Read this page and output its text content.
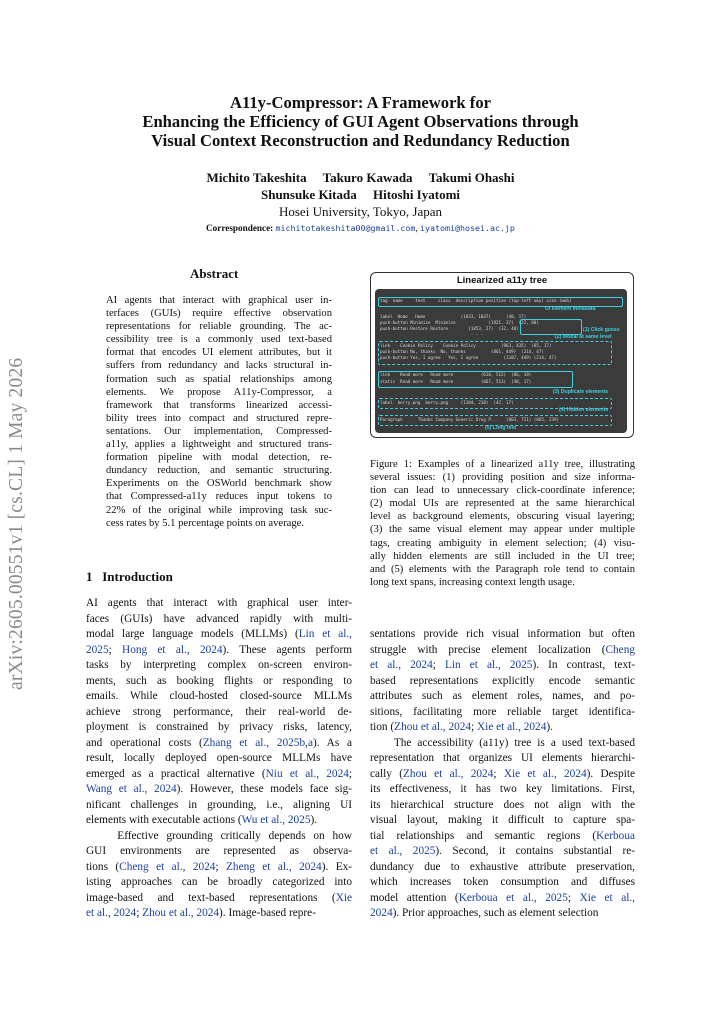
arXiv:2605.00551v1 [cs.CL] 1 May 2026
A11y-Compressor: A Framework for
Enhancing the Efficiency of GUI Agent Observations through
Visual Context Reconstruction and Redundancy Reduction
Michito Takeshita     Takuro Kawada     Takumi Ohashi
Shunsuke Kitada     Hitoshi Iyatomi
Hosei University, Tokyo, Japan
Correspondence: michitotakeshita00@gmail.com, iyatomi@hosei.ac.jp
Abstract
AI agents that interact with graphical user in-
terfaces (GUIs) require effective observation
representations for reliable grounding. The ac-
cessibility tree is a commonly used text-based
format that encodes UI element attributes, but it
suffers from redundancy and lacks structural in-
formation such as spatial relationships among
elements. We propose A11y-Compressor, a
framework that transforms linearized accessi-
bility trees into compact and structured repre-
sentations. Our implementation, Compressed-
a11y, applies a lightweight and structured trans-
formation pipeline with modal detection, re-
dundancy reduction, and semantic structuring.
Experiments on the OSWorld benchmark show
that Compressed-a11y reduces input tokens to
22% of the original while improving task suc-
cess rates by 5.1 percentage points on average.
1 Introduction
AI agents that interact with graphical user inter-
faces (GUIs) have advanced rapidly with multi-
modal large language models (MLLMs) (Lin et al.,
2025; Hong et al., 2024). These agents perform
tasks by interpreting complex on-screen environ-
ments, such as booking flights or responding to
emails. While cloud-hosted closed-source MLLMs
achieve strong performance, their real-world de-
ployment is constrained by privacy risks, latency,
and operational costs (Zhang et al., 2025b,a). As a
result, locally deployed open-source MLLMs have
emerged as a practical alternative (Niu et al., 2024;
Wang et al., 2024). However, these models face sig-
nificant challenges in grounding, i.e., aligning UI
elements with executable actions (Wu et al., 2025).
Effective grounding critically depends on how
GUI environments are represented as observa-
tions (Cheng et al., 2024; Zheng et al., 2024). Ex-
isting approaches can be broadly categorized into
image-based and text-based representations (Xie
et al., 2024; Zhou et al., 2024). Image-based repre-
sentations provide rich visual information but often
struggle with precise element localization (Cheng
et al., 2024; Lin et al., 2025). In contrast, text-
based representations explicitly encode semantic
attributes such as element roles, names, and po-
sitions, facilitating more reliable target identifica-
tion (Zhou et al., 2024; Xie et al., 2024).
The accessibility (a11y) tree is a used text-based
representation that organizes UI elements hierarchi-
cally (Zhou et al., 2024; Xie et al., 2024). Despite
its effectiveness, it has two key limitations. First,
its hierarchical structure does not align with the
visual layout, making it difficult to capture spa-
tial relationships and semantic regions (Kerboua
et al., 2025). Second, it contains substantial re-
dundancy due to exhaustive attribute preservation,
which increases token consumption and diffuses
model attention (Kerboua et al., 2025; Xie et al.,
2024). Prior approaches, such as element selection
Linearized a11y tree
tag  name     text     class  description position (top-left x&y) size (w&h)
UI element metadata
label  Home   Home              (1833, 1037)      (40, 17)
push-button Minimize  Minimize             (1921, 37)  (22, 80)
push-button Restore Restore        (1853, 27)  (32, 40)	(1) Click guess
. . .
(2) Modal at same level
link    Cookie Policy    Cookie Policy          (963, 435)  (85, 17)
push-button No, thanks  No, thanks          (861, 449)  (214, 47)
push-button Yes, I agree   Yes, I agree          (1107, 449) (214, 47)
link    Read more   Read more           (610, 512)  (86, 19)
static  Read more   Read more           (667, 513)  (48, 17)
(3) Duplicate elements
label  berry.png  berry.png     (1104, 218)  (42, 17)
(4) Hidden elements
Paragraph      Thanks Company Generic Drug P...   (803, 721) (865, 239)
(5) Long text
Figure 1: Examples of a linearized a11y tree, illustrating
several issues: (1) providing position and size informa-
tion can lead to unnecessary click-coordinate inference;
(2) modal UIs are represented at the same hierarchical
level as background elements, obscuring visual layering;
(3) the same visual element may appear under multiple
tags, creating ambiguity in element selection; (4) visu-
ally hidden elements are still included in the UI tree;
and (5) elements with the Paragraph role tend to contain
long text spans, increasing context length usage.
